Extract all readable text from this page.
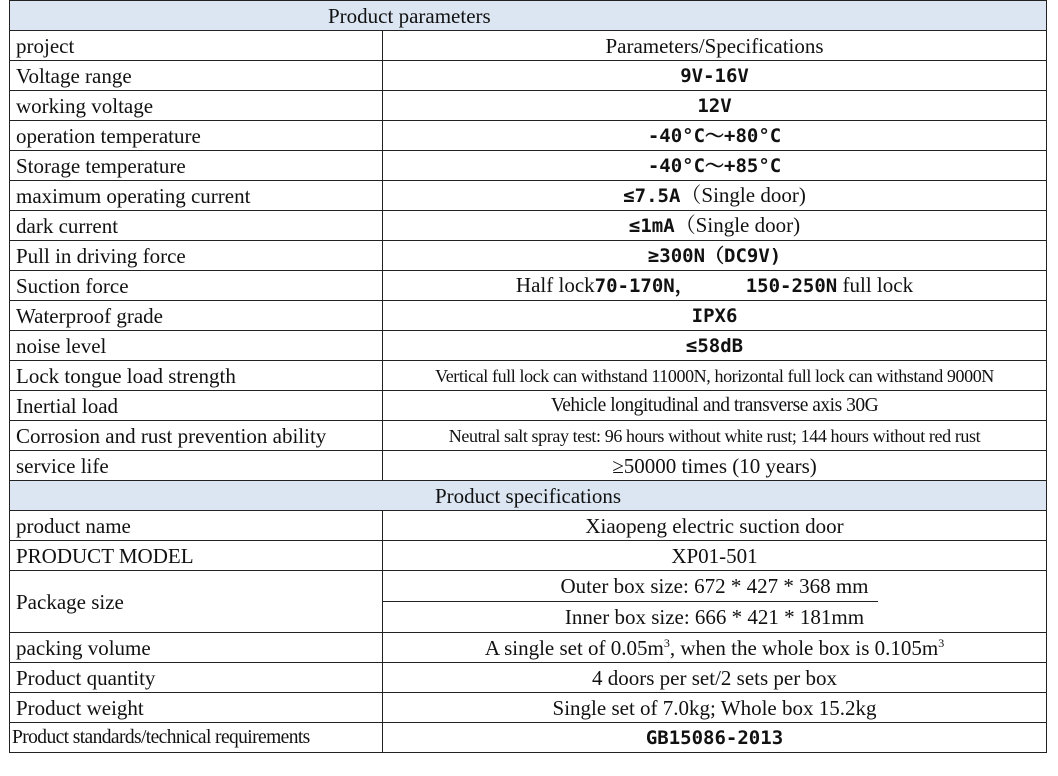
Product parameters	
project	Parameters/Specifications
Voltage range	9V-16V
working voltage	12V
operation temperature	-40°C～+80°C
Storage temperature	-40°C～+85°C
maximum operating current	≤7.5A（Single door)
dark current	≤1mA（Single door)
Pull in driving force	≥300N（DC9V)
Suction force	Half lock70-170N， 150-250N full lock
Waterproof grade	IPX6
noise level	≤58dB
Lock tongue load strength	Vertical full lock can withstand 11000N, horizontal full lock can withstand 9000N
Inertial load	Vehicle longitudinal and transverse axis 30G
Corrosion and rust prevention ability	Neutral salt spray test: 96 hours without white rust; 144 hours without red rust
service life	≥50000 times (10 years)
Product specifications	
product name	Xiaopeng electric suction door
PRODUCT MODEL	XP01-501
Package size	Outer box size: 672 * 427 * 368 mm
Inner box size: 666 * 421 * 181mm

packing volume	A single set of $0.05m^3$, when the whole box is $0.105m^3$
Product quantity	4 doors per set/2 sets per box
Product weight	Single set of 7.0kg; Whole box 15.2kg
Product standards/technical requirements	GB15086-2013
